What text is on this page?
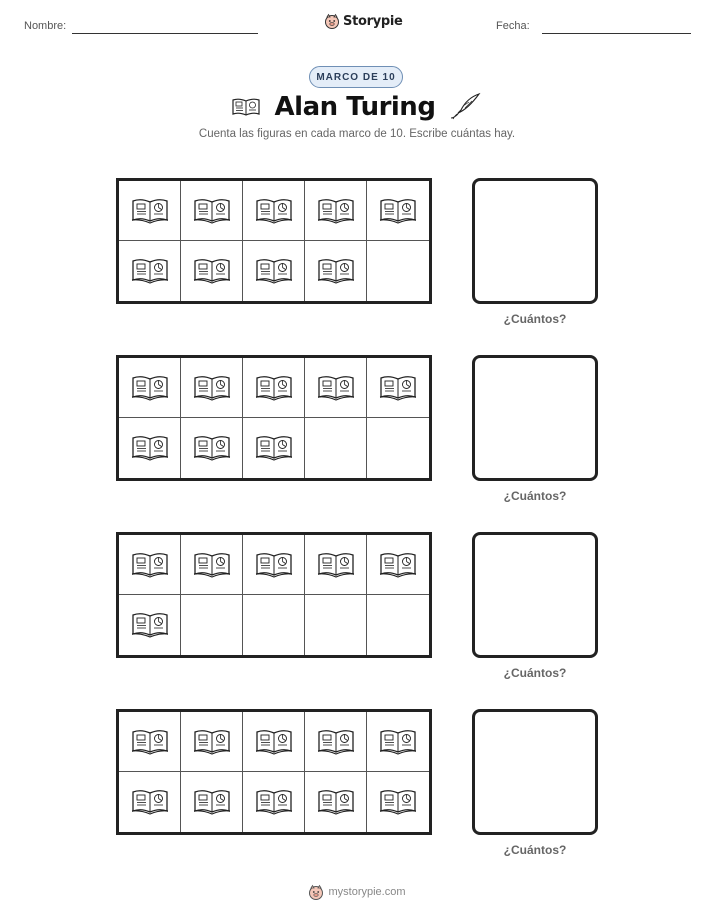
Nombre:	Storypie	Fecha:
MARCO DE 10
Alan Turing
Cuenta las figuras en cada marco de 10. Escribe cuántas hay.
¿Cuántos?
¿Cuántos?
¿Cuántos?
¿Cuántos?
mystorypie.com
